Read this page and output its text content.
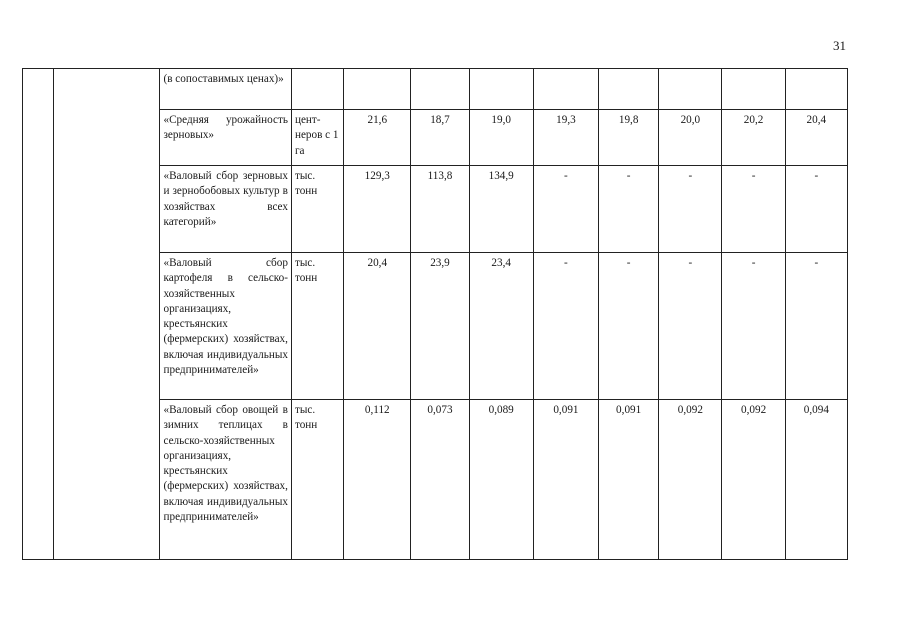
31
		(в сопоставимых ценах)»									
		«Средняя урожайность зерновых»	цент-неров с 1 га	21,6	18,7	19,0	19,3	19,8	20,0	20,2	20,4
		«Валовый сбор зерновых и зернобобовых культур в хозяйствах всех категорий»	тыс. тонн	129,3	113,8	134,9	-	-	-	-	-
		«Валовый сбор картофеля в сельско-хозяйственных организациях, крестьянских (фермерских) хозяйствах, включая индивидуальных предпринимателей»	тыс. тонн	20,4	23,9	23,4	-	-	-	-	-
		«Валовый сбор овощей в зимних теплицах в сельско-хозяйственных организациях, крестьянских (фермерских) хозяйствах, включая индивидуальных предпринимателей»	тыс. тонн	0,112	0,073	0,089	0,091	0,091	0,092	0,092	0,094
